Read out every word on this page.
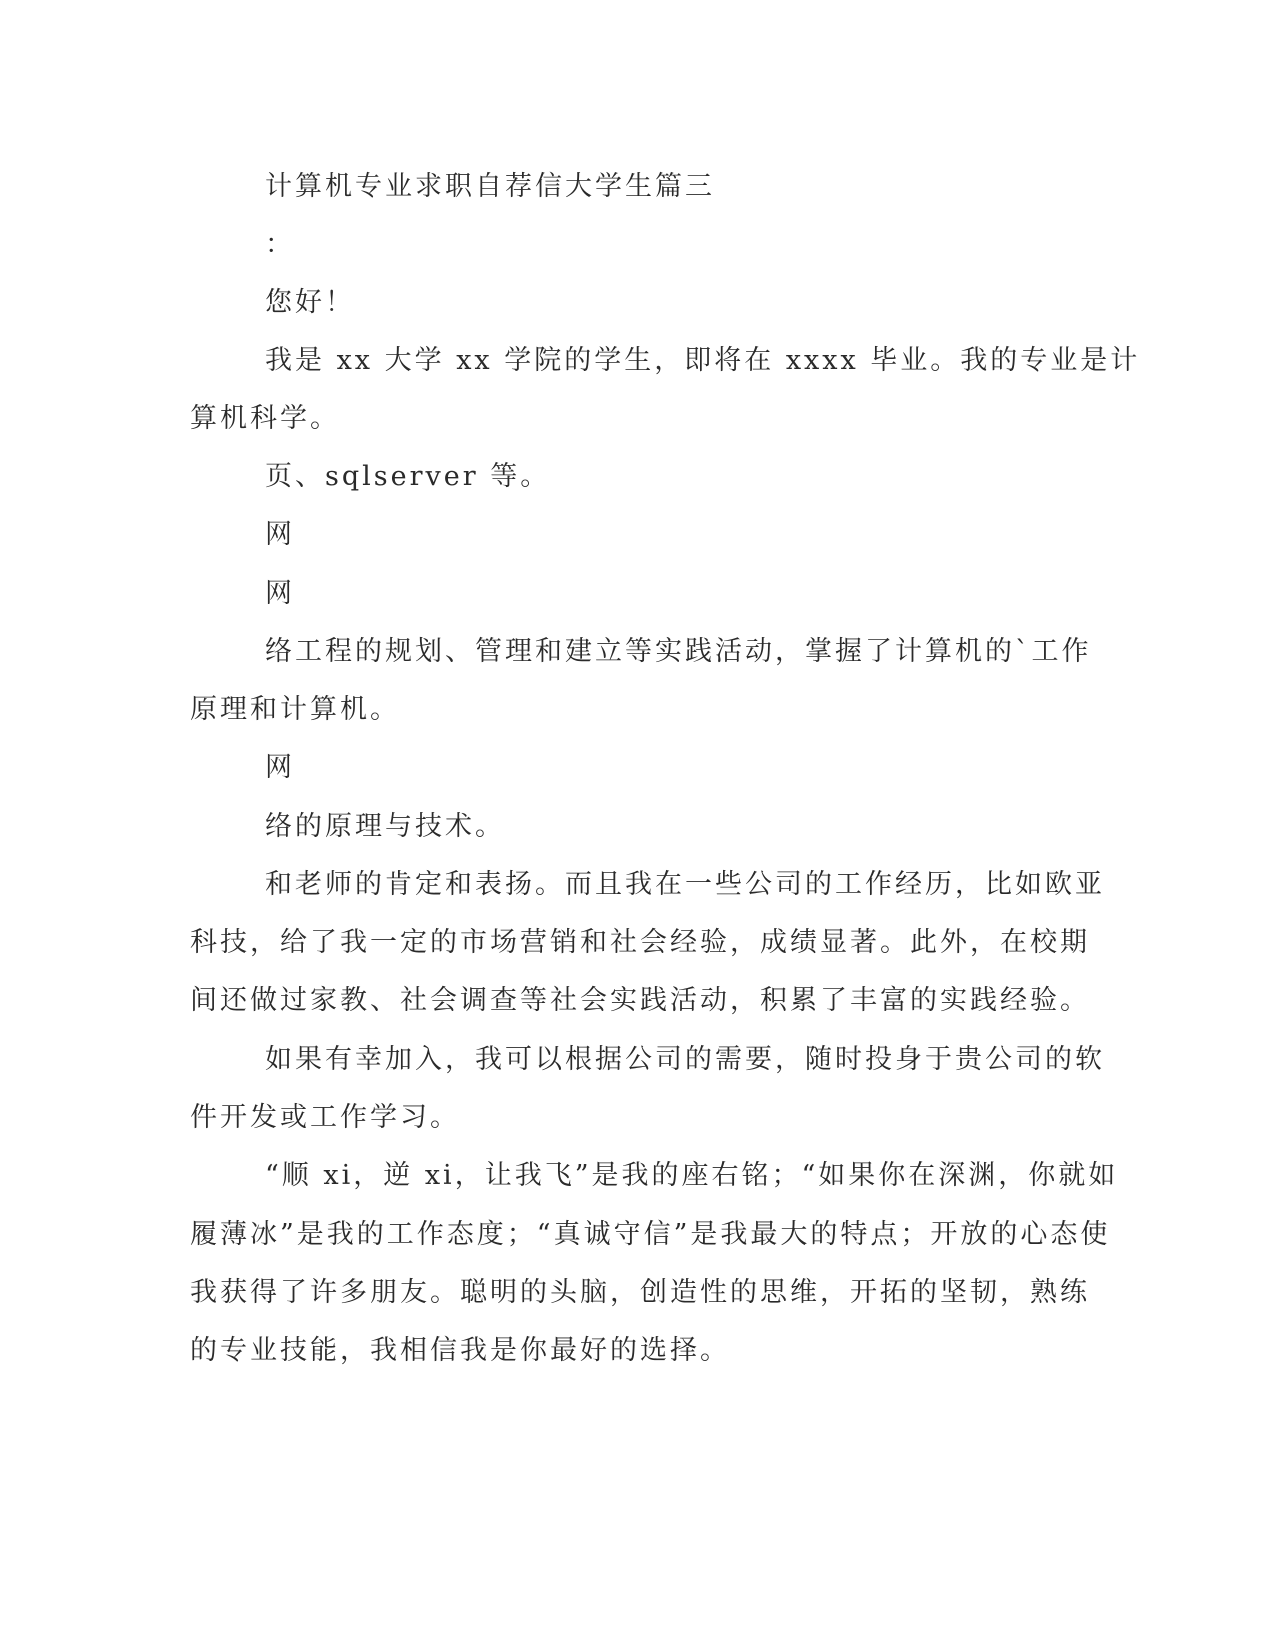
计算机专业求职自荐信大学生篇三
：
您好！
我是 xx 大学 xx 学院的学生，即将在 xxxx 毕业。我的专业是计
算机科学。
页、sqlserver 等。
网
网
络工程的规划、管理和建立等实践活动，掌握了计算机的`工作
原理和计算机。
网
络的原理与技术。
和老师的肯定和表扬。而且我在一些公司的工作经历，比如欧亚
科技，给了我一定的市场营销和社会经验，成绩显著。此外，在校期
间还做过家教、社会调查等社会实践活动，积累了丰富的实践经验。
如果有幸加入，我可以根据公司的需要，随时投身于贵公司的软
件开发或工作学习。
“顺 xi，逆 xi，让我飞”是我的座右铭；“如果你在深渊，你就如
履薄冰”是我的工作态度；“真诚守信”是我最大的特点；开放的心态使
我获得了许多朋友。聪明的头脑，创造性的思维，开拓的坚韧，熟练
的专业技能，我相信我是你最好的选择。
